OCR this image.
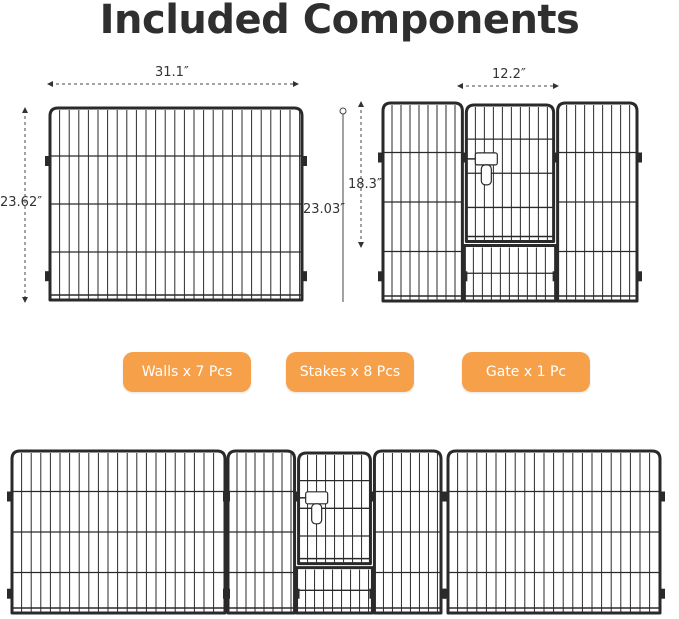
Included Components
31.1″
23.62″	23.03″
18.3″
12.2″
Walls x 7 Pcs	Stakes x 8 Pcs	Gate x 1 Pc
